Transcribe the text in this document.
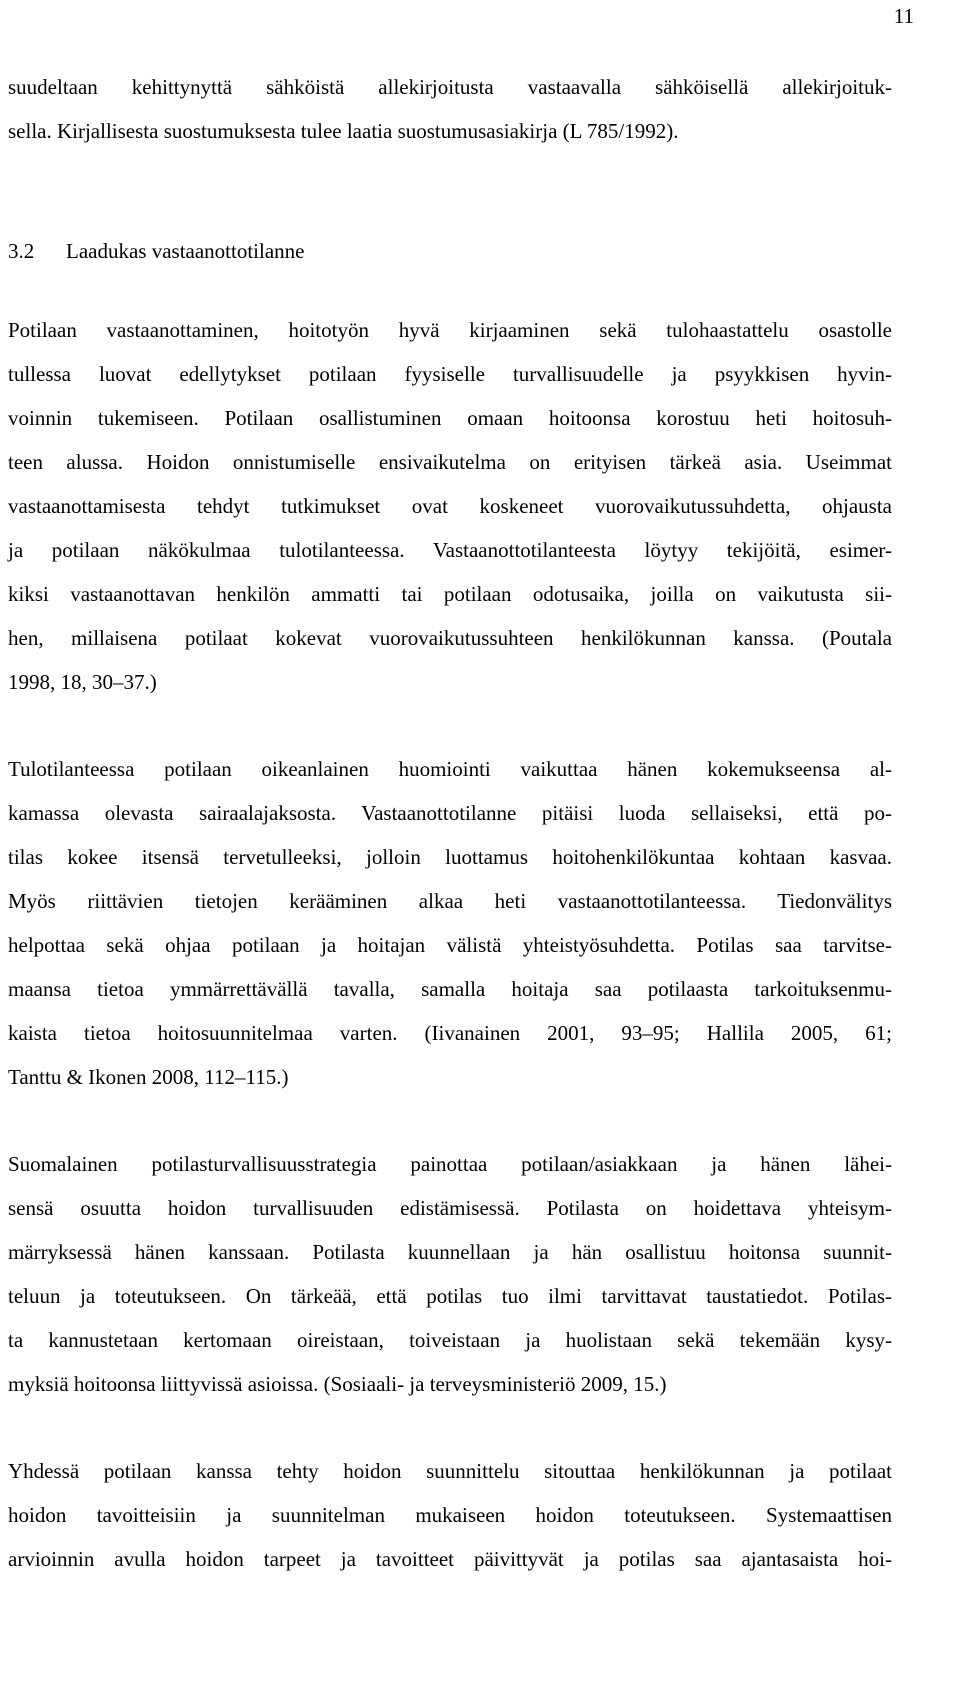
11
suudeltaan kehittynyttä sähköistä allekirjoitusta vastaavalla sähköisellä allekirjoituk-
sella. Kirjallisesta suostumuksesta tulee laatia suostumusasiakirja (L 785/1992).
3.2 Laadukas vastaanottotilanne
Potilaan vastaanottaminen, hoitotyön hyvä kirjaaminen sekä tulohaastattelu osastolle
tullessa luovat edellytykset potilaan fyysiselle turvallisuudelle ja psyykkisen hyvin-
voinnin tukemiseen. Potilaan osallistuminen omaan hoitoonsa korostuu heti hoitosuh-
teen alussa. Hoidon onnistumiselle ensivaikutelma on erityisen tärkeä asia. Useimmat
vastaanottamisesta tehdyt tutkimukset ovat koskeneet vuorovaikutussuhdetta, ohjausta
ja potilaan näkökulmaa tulotilanteessa. Vastaanottotilanteesta löytyy tekijöitä, esimer-
kiksi vastaanottavan henkilön ammatti tai potilaan odotusaika, joilla on vaikutusta sii-
hen, millaisena potilaat kokevat vuorovaikutussuhteen henkilökunnan kanssa. (Poutala
1998, 18, 30–37.)
Tulotilanteessa potilaan oikeanlainen huomiointi vaikuttaa hänen kokemukseensa al-
kamassa olevasta sairaalajaksosta. Vastaanottotilanne pitäisi luoda sellaiseksi, että po-
tilas kokee itsensä tervetulleeksi, jolloin luottamus hoitohenkilökuntaa kohtaan kasvaa.
Myös riittävien tietojen kerääminen alkaa heti vastaanottotilanteessa. Tiedonvälitys
helpottaa sekä ohjaa potilaan ja hoitajan välistä yhteistyösuhdetta. Potilas saa tarvitse-
maansa tietoa ymmärrettävällä tavalla, samalla hoitaja saa potilaasta tarkoituksenmu-
kaista tietoa hoitosuunnitelmaa varten. (Iivanainen 2001, 93–95; Hallila 2005, 61;
Tanttu & Ikonen 2008, 112–115.)
Suomalainen potilasturvallisuusstrategia painottaa potilaan/asiakkaan ja hänen lähei-
sensä osuutta hoidon turvallisuuden edistämisessä. Potilasta on hoidettava yhteisym-
märryksessä hänen kanssaan. Potilasta kuunnellaan ja hän osallistuu hoitonsa suunnit-
teluun ja toteutukseen. On tärkeää, että potilas tuo ilmi tarvittavat taustatiedot. Potilas-
ta kannustetaan kertomaan oireistaan, toiveistaan ja huolistaan sekä tekemään kysy-
myksiä hoitoonsa liittyvissä asioissa. (Sosiaali- ja terveysministeriö 2009, 15.)
Yhdessä potilaan kanssa tehty hoidon suunnittelu sitouttaa henkilökunnan ja potilaat
hoidon tavoitteisiin ja suunnitelman mukaiseen hoidon toteutukseen. Systemaattisen
arvioinnin avulla hoidon tarpeet ja tavoitteet päivittyvät ja potilas saa ajantasaista hoi-
